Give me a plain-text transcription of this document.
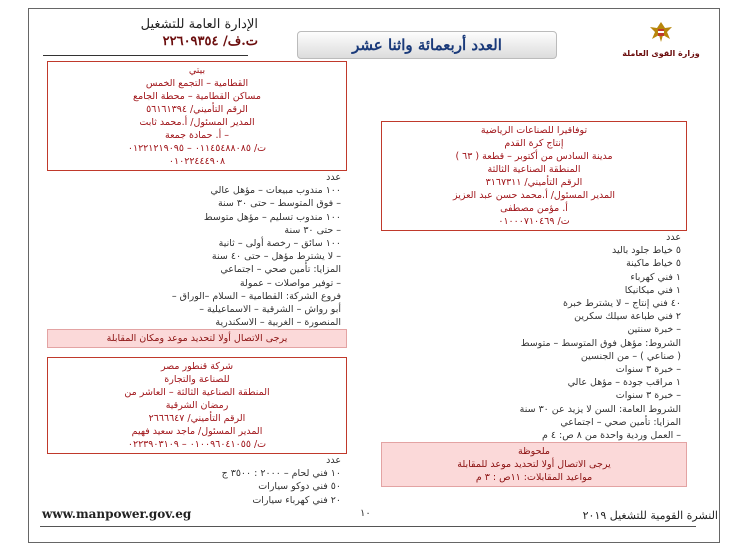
الإدارة العامة للتشغيل
ت.ف/ ٢٢٦٠٩٣٥٤	العدد أربعمائة واثنا عشر	وزارة القوى العاملة
بيتي
القطامية – التجمع الخمس
مساكن القطامية – محطة الجامع
الرقم التأميني/ ٥٦١٦١٣٩٤
المدير المسئول/ أ.محمد ثابت
– أ. حمادة جمعة
ت/ ٠١١٤٥٤٨٨٠٨٥ – ٠١٢٢١٢١٩٠٩٥
٠١٠٢٢٤٤٤٩٠٨
عدد
١٠٠ مندوب مبيعات – مؤهل عالي
– فوق المتوسط – حتى ٣٠ سنة
١٠٠ مندوب تسليم – مؤهل متوسط
– حتى ٣٠ سنة
١٠٠ سائق – رخصة أولى – ثانية
– لا يشترط مؤهل – حتى ٤٠ سنة
المزايا: تأمين صحي – اجتماعي
– توفير مواصلات – عمولة
فروع الشركة: القطامية – السلام –الوراق –
أبو رواش – الشرقية – الاسماعيلية –
المنصورة – الغربية – الاسكندرية
يرجى الاتصال أولا لتحديد موعد ومكان المقابلة
شركة قنطور مصر
للصناعة والتجارة
المنطقة الصناعية الثالثة – العاشر من
رمضان الشرقية
الرقم التأميني/ ٢٦٦٦٦٤٧
المدير المسئول/ ماجد سعيد فهيم
ت/ ٠١٠٠٩٦٠٤١٠٥٥ – ٠٢٢٣٩٠٣١٠٩
عدد
١٠ فني لحام – ٢٠٠٠ : ٣٥٠٠ ج
٥٠ فني دوكو سيارات
٢٠ فني كهرباء سيارات
توفاقيرا للصناعات الرياضية
إنتاج كرة القدم
مدينة السادس من أكتوبر – قطعة ( ٦٣ )
المنطقة الصناعية الثالثة
الرقم التأميني/ ٣١٦٧٣١١
المدير المسئول/ أ.محمد حسن عبد العزيز
أ. مؤمن مصطفى
ت/ ٠١٠٠٠٧١٠٤٦٩
عدد
٥ خياط جلود باليد
٥ خياط ماكينة
١ فني كهرباء
١ فني ميكانيكا
٤٠ فني إنتاج – لا يشترط خبرة
٢ فني طباعة سيلك سكرين
– خبرة سنتين
الشروط: مؤهل فوق المتوسط – متوسط
( صناعي ) – من الجنسين
– خبرة ٣ سنوات
١ مراقب جودة – مؤهل عالي
– خبرة ٣ سنوات
الشروط العامة: السن لا يزيد عن ٣٠ سنة
المزايا: تأمين صحي – اجتماعي
– العمل وردية واحدة من ٨ ص: ٤ م
ملحوظة
يرجى الاتصال أولا لتحديد موعد للمقابلة
مواعيد المقابلات: ١١ص : ٣ م
www.manpower.gov.eg	١٠	النشرة القومية للتشغيل ٢٠١٩
